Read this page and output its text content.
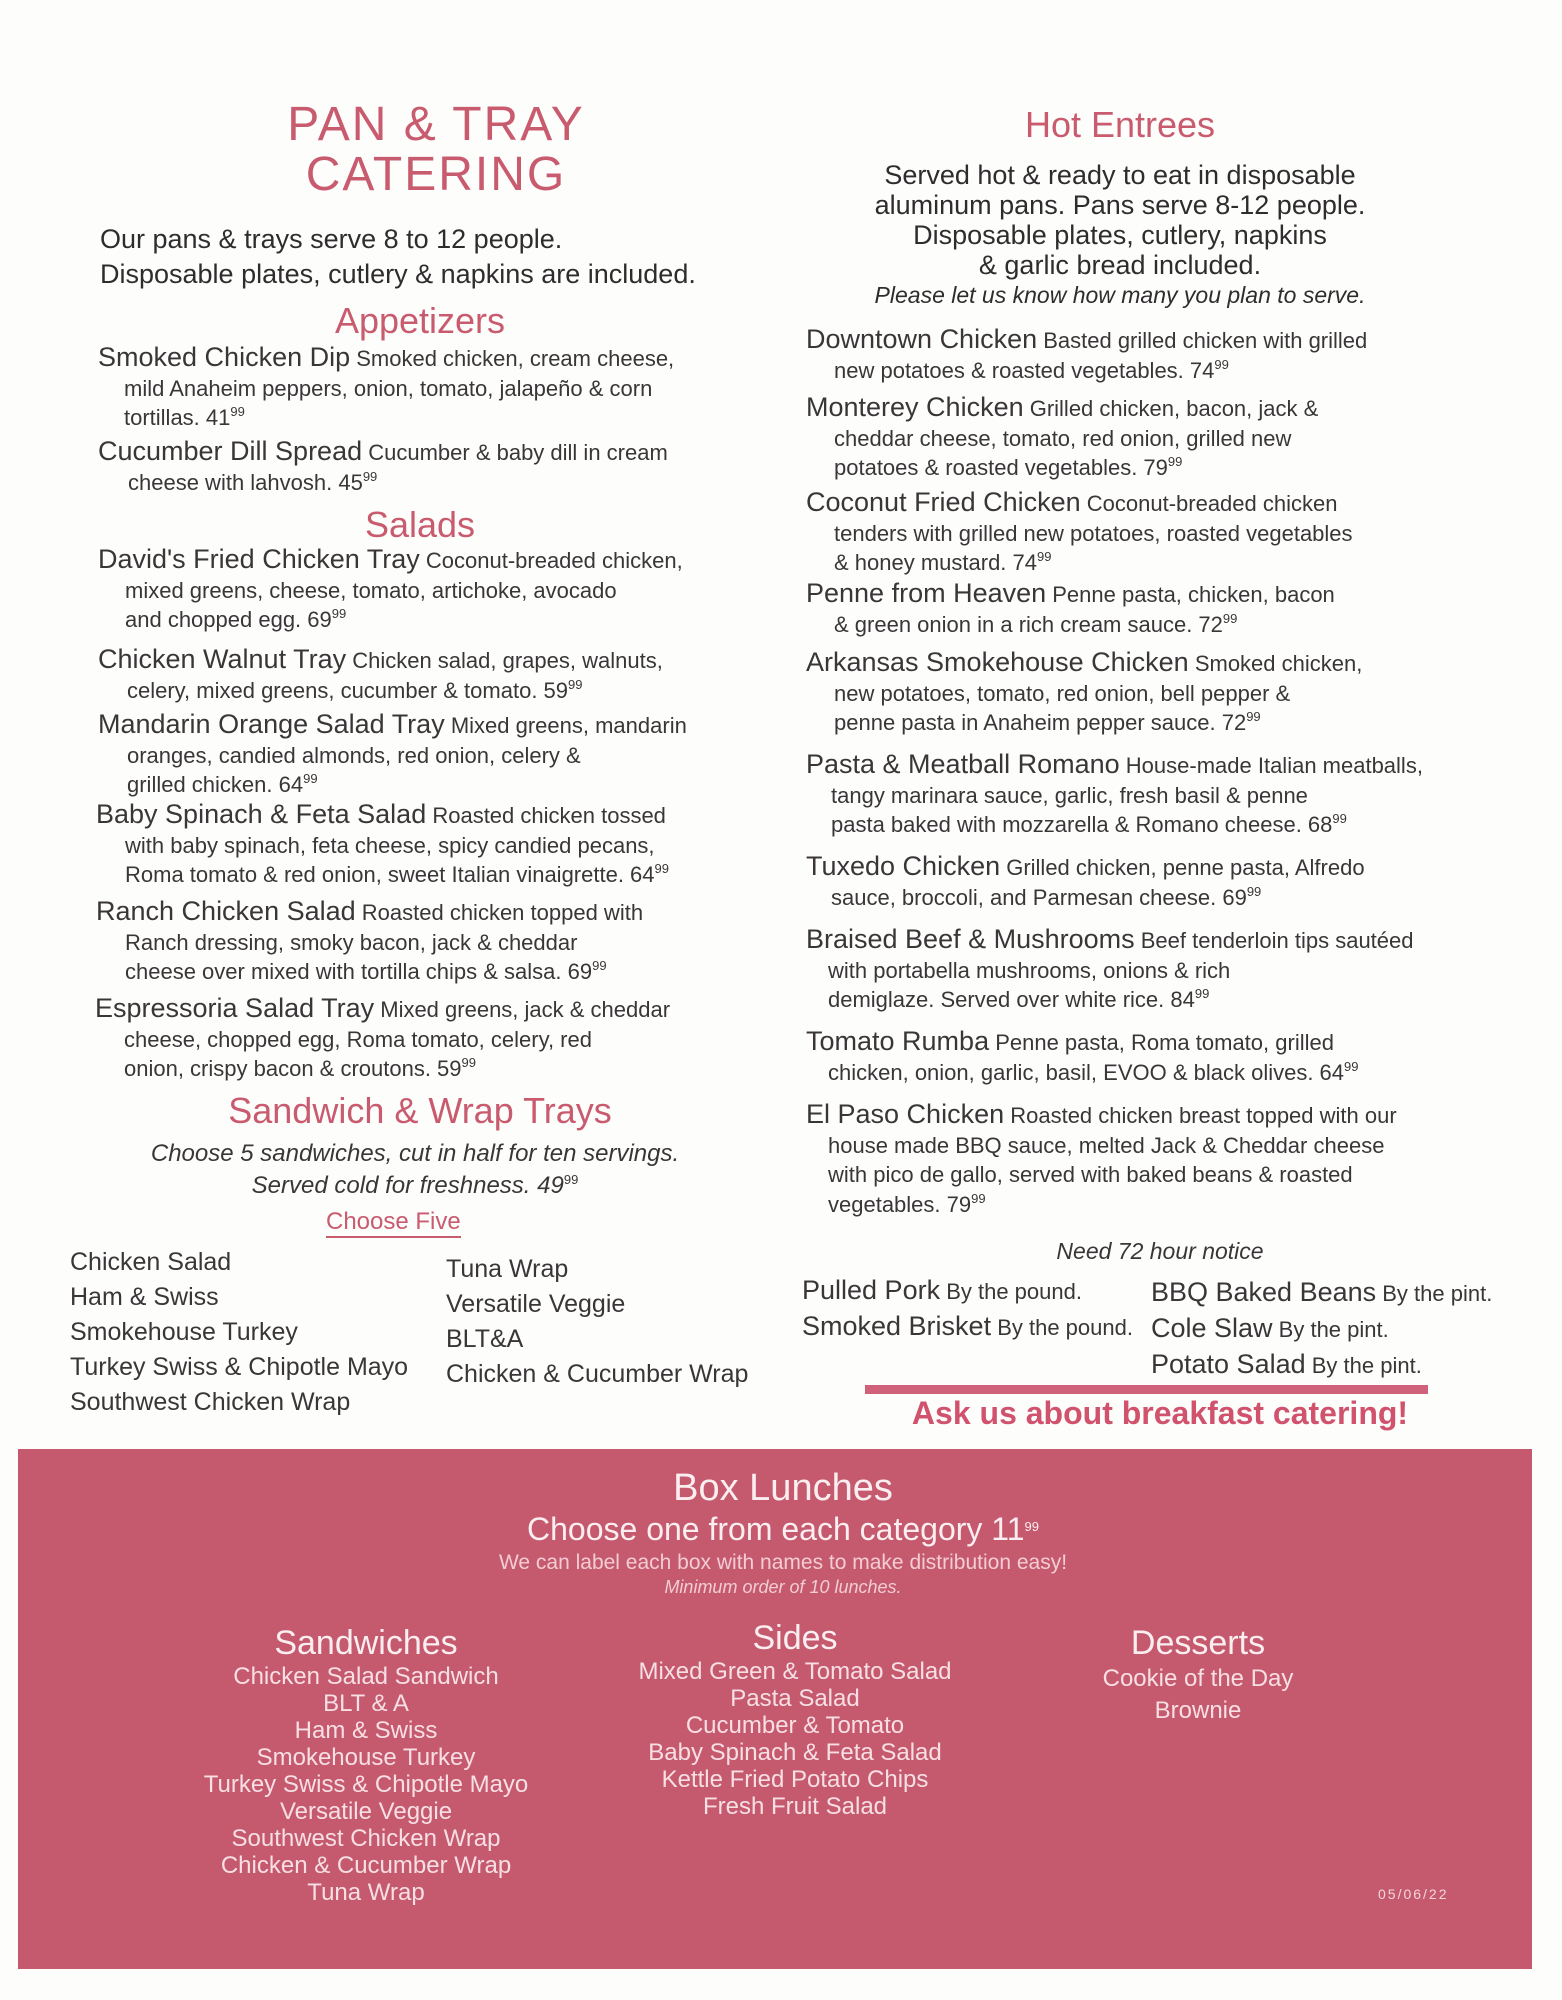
PAN & TRAY
CATERING
Our pans & trays serve 8 to 12 people.
Disposable plates, cutlery & napkins are included.
Appetizers
Smoked Chicken Dip Smoked chicken, cream cheese,
mild Anaheim peppers, onion, tomato, jalapeño & corn
tortillas. $41^{99}$
Cucumber Dill Spread Cucumber & baby dill in cream
cheese with lahvosh. $45^{99}$
Salads
David's Fried Chicken Tray Coconut-breaded chicken,
mixed greens, cheese, tomato, artichoke, avocado
and chopped egg. $69^{99}$
Chicken Walnut Tray Chicken salad, grapes, walnuts,
celery, mixed greens, cucumber & tomato. $59^{99}$
Mandarin Orange Salad Tray Mixed greens, mandarin
oranges, candied almonds, red onion, celery &
grilled chicken. $64^{99}$
Baby Spinach & Feta Salad Roasted chicken tossed
with baby spinach, feta cheese, spicy candied pecans,
Roma tomato & red onion, sweet Italian vinaigrette. $64^{99}$
Ranch Chicken Salad Roasted chicken topped with
Ranch dressing, smoky bacon, jack & cheddar
cheese over mixed with tortilla chips & salsa. $69^{99}$
Espressoria Salad Tray Mixed greens, jack & cheddar
cheese, chopped egg, Roma tomato, celery, red
onion, crispy bacon & croutons. $59^{99}$
Sandwich & Wrap Trays
Choose 5 sandwiches, cut in half for ten servings.
Served cold for freshness. $49^{99}$
Choose Five
Chicken Salad
Ham & Swiss
Smokehouse Turkey
Turkey Swiss & Chipotle Mayo
Southwest Chicken Wrap
Tuna Wrap
Versatile Veggie
BLT&A
Chicken & Cucumber Wrap
Hot Entrees
Served hot & ready to eat in disposable
aluminum pans. Pans serve 8-12 people.
Disposable plates, cutlery, napkins
& garlic bread included.
Please let us know how many you plan to serve.
Downtown Chicken Basted grilled chicken with grilled
new potatoes & roasted vegetables. $74^{99}$
Monterey Chicken Grilled chicken, bacon, jack &
cheddar cheese, tomato, red onion, grilled new
potatoes & roasted vegetables. $79^{99}$
Coconut Fried Chicken Coconut-breaded chicken
tenders with grilled new potatoes, roasted vegetables
& honey mustard. $74^{99}$
Penne from Heaven Penne pasta, chicken, bacon
& green onion in a rich cream sauce. $72^{99}$
Arkansas Smokehouse Chicken Smoked chicken,
new potatoes, tomato, red onion, bell pepper &
penne pasta in Anaheim pepper sauce. $72^{99}$
Pasta & Meatball Romano House-made Italian meatballs,
tangy marinara sauce, garlic, fresh basil & penne
pasta baked with mozzarella & Romano cheese. $68^{99}$
Tuxedo Chicken Grilled chicken, penne pasta, Alfredo
sauce, broccoli, and Parmesan cheese. $69^{99}$
Braised Beef & Mushrooms Beef tenderloin tips sautéed
with portabella mushrooms, onions & rich
demiglaze. Served over white rice. $84^{99}$
Tomato Rumba Penne pasta, Roma tomato, grilled
chicken, onion, garlic, basil, EVOO & black olives. $64^{99}$
El Paso Chicken Roasted chicken breast topped with our
house made BBQ sauce, melted Jack & Cheddar cheese
with pico de gallo, served with baked beans & roasted
vegetables. $79^{99}$
Need 72 hour notice
Pulled Pork By the pound.
Smoked Brisket By the pound.
BBQ Baked Beans By the pint.
Cole Slaw By the pint.
Potato Salad By the pint.
Ask us about breakfast catering!
Box Lunches
Choose one from each category $11^{99}$
We can label each box with names to make distribution easy!
Minimum order of 10 lunches.
Sandwiches
Chicken Salad Sandwich
BLT & A
Ham & Swiss
Smokehouse Turkey
Turkey Swiss & Chipotle Mayo
Versatile Veggie
Southwest Chicken Wrap
Chicken & Cucumber Wrap
Tuna Wrap
Sides
Mixed Green & Tomato Salad
Pasta Salad
Cucumber & Tomato
Baby Spinach & Feta Salad
Kettle Fried Potato Chips
Fresh Fruit Salad
Desserts
Cookie of the Day
Brownie
05/06/22
